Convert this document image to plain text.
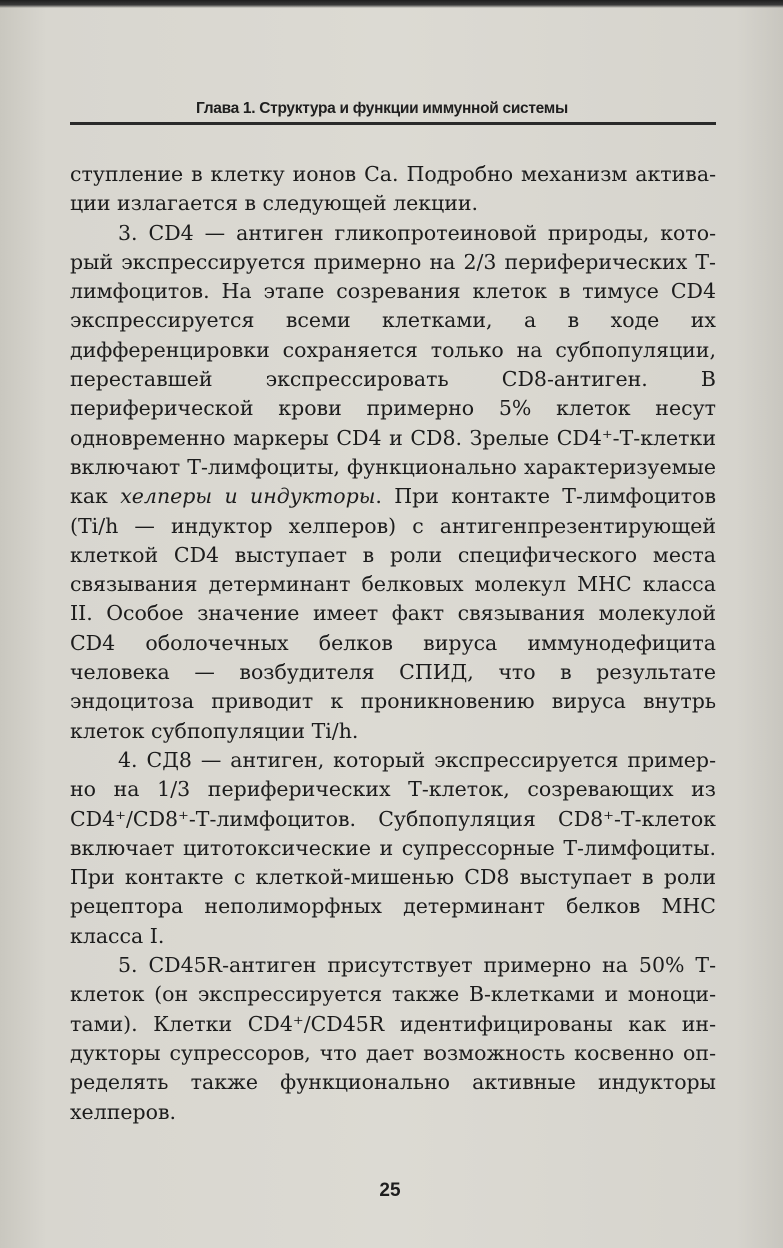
Глава 1. Структура и функции иммунной системы

ступление в клетку ионов Са. Подробно механизм активации излагается в следующей лекции.

3. CD4 — антиген гликопротеиновой природы, который экспрессируется примерно на 2/3 периферических Т-лимфоцитов. На этапе созревания клеток в тимусе CD4 экспрессируется всеми клетками, а в ходе их дифференцировки сохраняется только на субпопуляции, переставшей экспрессировать CD8-антиген. В периферической крови примерно 5% клеток несут одновременно маркеры CD4 и CD8. Зрелые CD4⁺-Т-клетки включают Т-лимфоциты, функционально характеризуемые как хелперы и индукторы. При контакте Т-лимфоцитов (Ti/h — индуктор хелперов) с антигенпрезентирующей клеткой CD4 выступает в роли специфического места связывания детерминант белковых молекул МНС класса II. Особое значение имеет факт связывания молекулой CD4 оболочечных белков вируса иммунодефицита человека — возбудителя СПИД, что в результате эндоцитоза приводит к проникновению вируса внутрь клеток субпопуляции Ti/h.

4. СД8 — антиген, который экспрессируется примерно на 1/3 периферических Т-клеток, созревающих из CD4⁺/CD8⁺-Т-лимфоцитов. Субпопуляция CD8⁺-Т-клеток включает цитотоксические и супрессорные Т-лимфоциты. При контакте с клеткой-мишенью CD8 выступает в роли рецептора неполиморфных детерминант белков МНС класса I.

5. CD45R-антиген присутствует примерно на 50% Т-клеток (он экспрессируется также В-клетками и моноцитами). Клетки CD4⁺/CD45R идентифицированы как индукторы супрессоров, что дает возможность косвенно определять также функционально активные индукторы хелперов.

25
